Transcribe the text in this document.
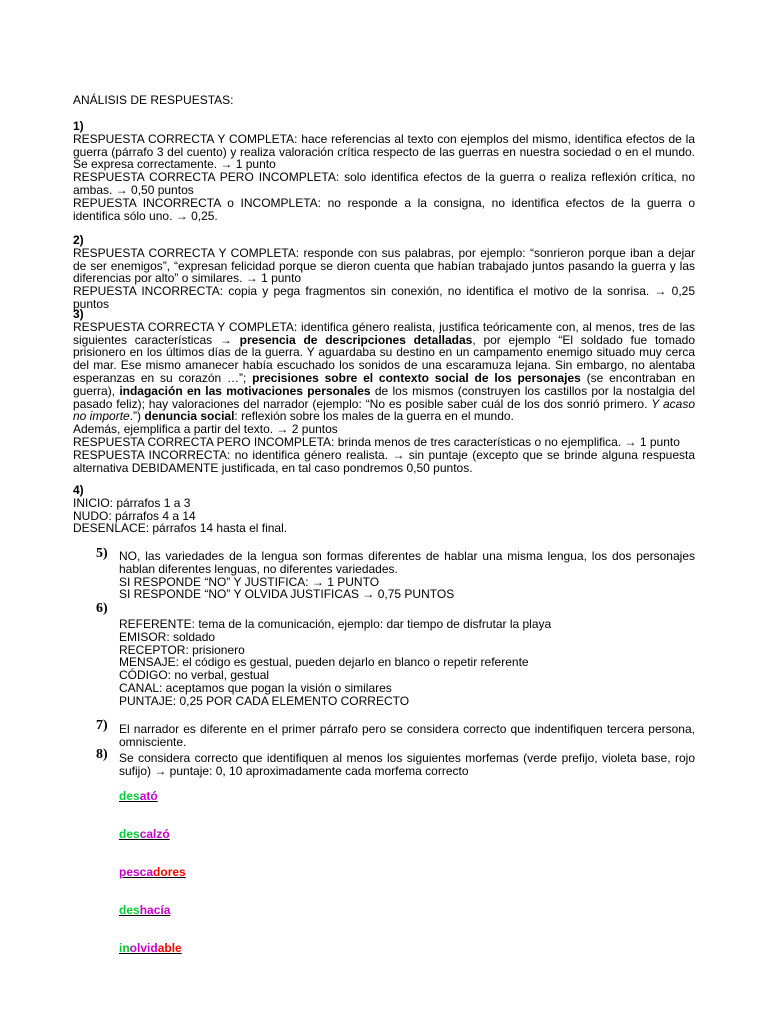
ANÁLISIS DE RESPUESTAS:
1)

RESPUESTA CORRECTA Y COMPLETA: hace referencias al texto con ejemplos del mismo, identifica efectos de la guerra (párrafo 3 del cuento) y realiza valoración crítica respecto de las guerras en nuestra sociedad o en el mundo. Se expresa correctamente. → 1 punto

RESPUESTA CORRECTA PERO INCOMPLETA: solo identifica efectos de la guerra o realiza reflexión crítica, no ambas. → 0,50 puntos

REPUESTA INCORRECTA o INCOMPLETA: no responde a la consigna, no identifica efectos de la guerra o identifica sólo uno. → 0,25.

2)

RESPUESTA CORRECTA Y COMPLETA: responde con sus palabras, por ejemplo: “sonrieron porque iban a dejar de ser enemigos”, “expresan felicidad porque se dieron cuenta que habían trabajado juntos pasando la guerra y las diferencias por alto” o similares. → 1 punto

REPUESTA INCORRECTA: copia y pega fragmentos sin conexión, no identifica el motivo de la sonrisa. → 0,25 puntos

3)

RESPUESTA CORRECTA Y COMPLETA: identifica género realista, justifica teóricamente con, al menos, tres de las siguientes características → presencia de descripciones detalladas, por ejemplo “El soldado fue tomado prisionero en los últimos días de la guerra. Y aguardaba su destino en un campamento enemigo situado muy cerca del mar. Ese mismo amanecer había escuchado los sonidos de una escaramuza lejana. Sin embargo, no alentaba esperanzas en su corazón …”; precisiones sobre el contexto social de los personajes (se encontraban en guerra), indagación en las motivaciones personales de los mismos (construyen los castillos por la nostalgia del pasado feliz); hay valoraciones del narrador (ejemplo: “No es posible saber cuál de los dos sonrió primero. Y acaso no importe.”) denuncia social: reflexión sobre los males de la guerra en el mundo.

Además, ejemplifica a partir del texto. → 2 puntos

RESPUESTA CORRECTA PERO INCOMPLETA: brinda menos de tres características o no ejemplifica. → 1 punto

RESPUESTA INCORRECTA: no identifica género realista. → sin puntaje (excepto que se brinde alguna respuesta alternativa DEBIDAMENTE justificada, en tal caso pondremos 0,50 puntos.

4)

INICIO: párrafos 1 a 3

NUDO: párrafos 4 a 14

DESENLACE: párrafos 14 hasta el final.

5) NO, las variedades de la lengua son formas diferentes de hablar una misma lengua, los dos personajes hablan diferentes lenguas, no diferentes variedades.

SI RESPONDE “NO” Y JUSTIFICA: → 1 PUNTO

SI RESPONDE “NO” Y OLVIDA JUSTIFICAS → 0,75 PUNTOS

6)

REFERENTE: tema de la comunicación, ejemplo: dar tiempo de disfrutar la playa

EMISOR: soldado

RECEPTOR: prisionero

MENSAJE: el código es gestual, pueden dejarlo en blanco o repetir referente

CÓDIGO: no verbal, gestual

CANAL: aceptamos que pogan la visión o similares

PUNTAJE: 0,25 POR CADA ELEMENTO CORRECTO

7) El narrador es diferente en el primer párrafo pero se considera correcto que indentifiquen tercera persona, omnisciente.

8) Se considera correcto que identifiquen al menos los siguientes morfemas (verde prefijo, violeta base, rojo sufijo) → puntaje: 0, 10 aproximadamente cada morfema correcto

desató
descalzó
pescadores
deshacía
inolvidable
